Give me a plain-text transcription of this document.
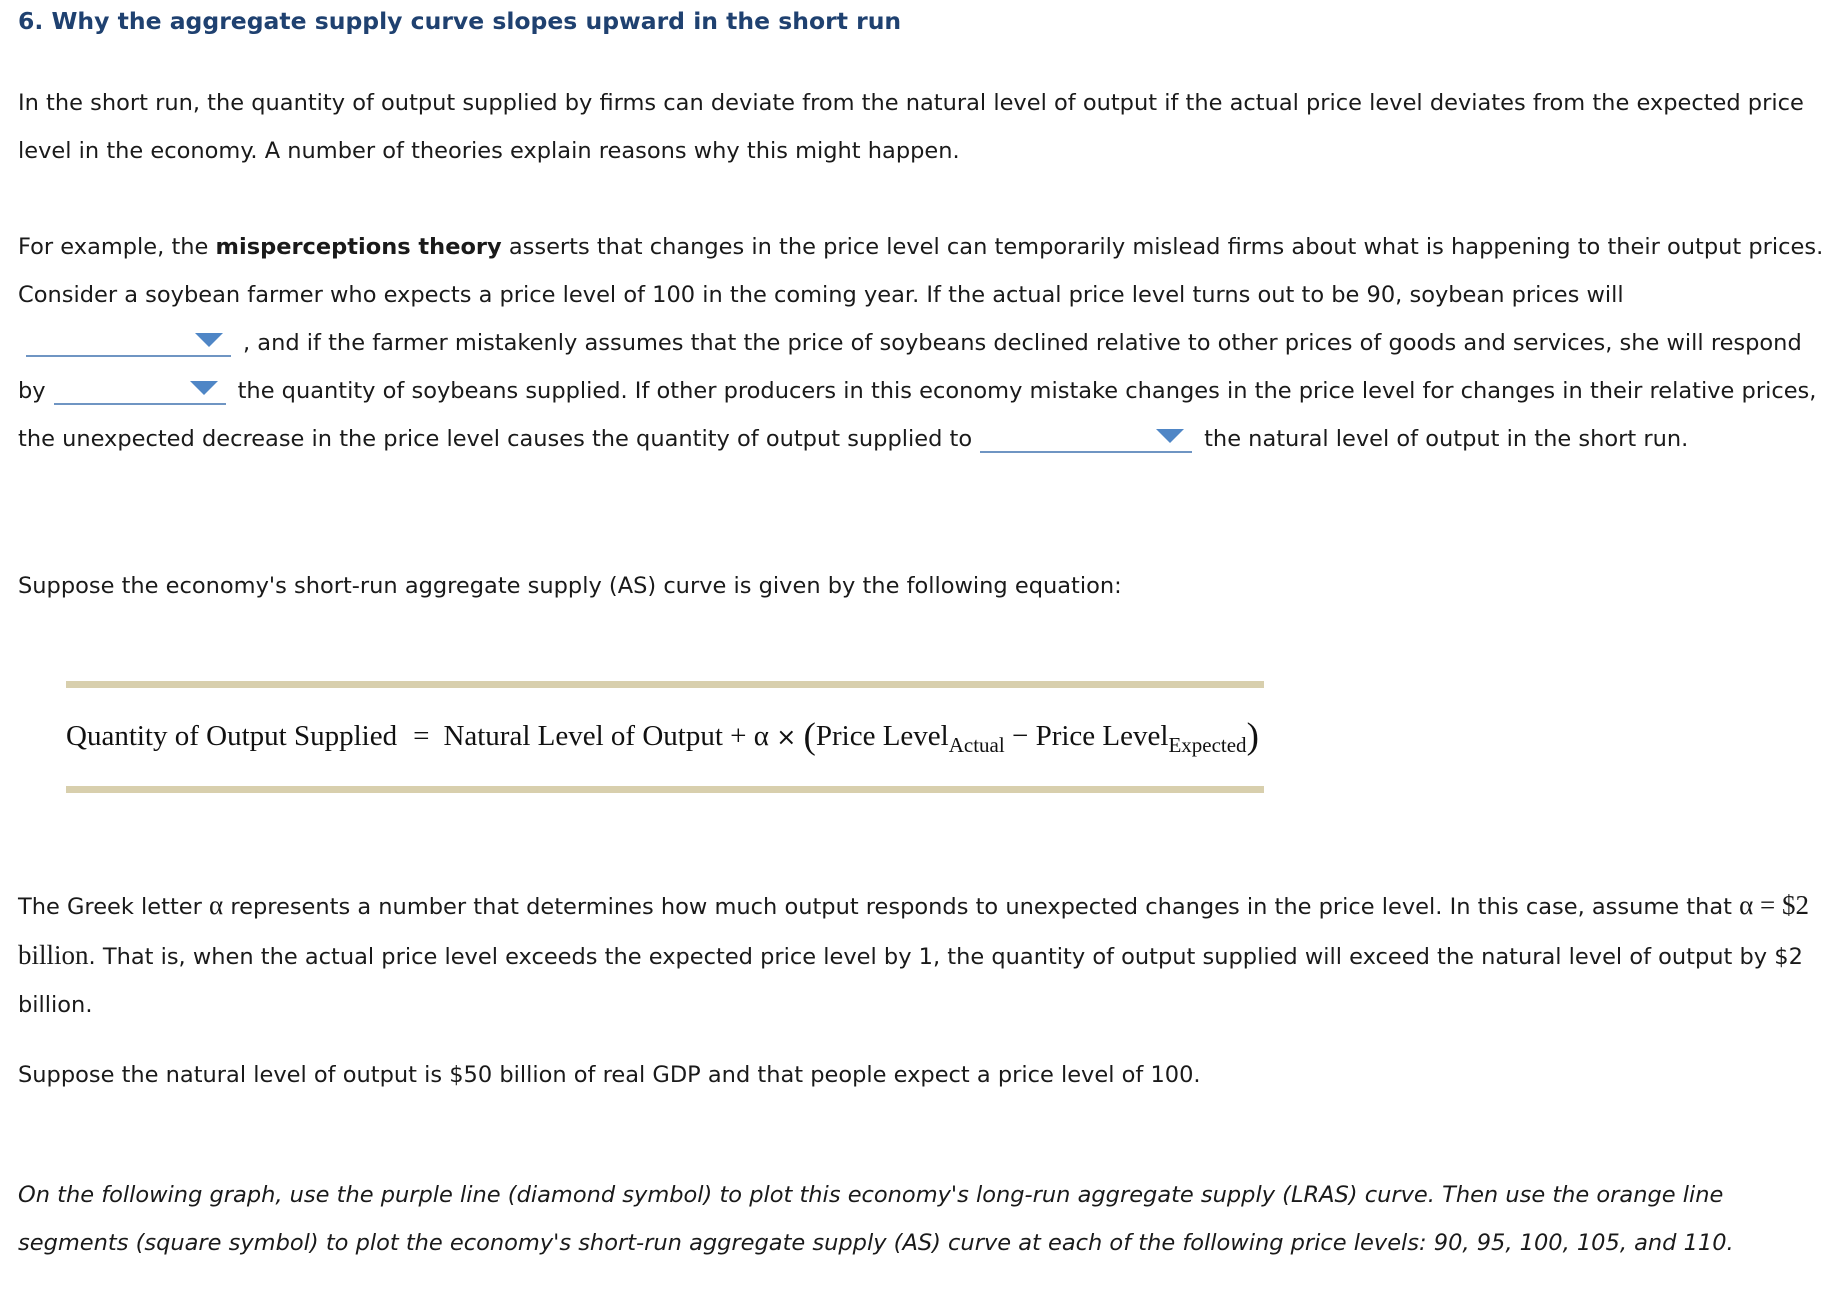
6. Why the aggregate supply curve slopes upward in the short run

In the short run, the quantity of output supplied by firms can deviate from the natural level of output if the actual price level deviates from the expected price level in the economy. A number of theories explain reasons why this might happen.

For example, the misperceptions theory asserts that changes in the price level can temporarily mislead firms about what is happening to their output prices. Consider a soybean farmer who expects a price level of 100 in the coming year. If the actual price level turns out to be 90, soybean prices will
, and if the farmer mistakenly assumes that the price of soybeans declined relative to other prices of goods and services, she will respond by	the quantity of soybeans supplied. If other producers in this economy mistake changes in the price level for changes in their relative prices, the unexpected decrease in the price level causes the quantity of output supplied to	the natural level of output in the short run.

Suppose the economy's short-run aggregate supply (AS) curve is given by the following equation:

Quantity of Output Supplied = Natural Level of Output + α × (Price Level$_{Actual}$ − Price Level$_{Expected}$)

The Greek letter α represents a number that determines how much output responds to unexpected changes in the price level. In this case, assume that α = $2 billion. That is, when the actual price level exceeds the expected price level by 1, the quantity of output supplied will exceed the natural level of output by $2 billion.

Suppose the natural level of output is $50 billion of real GDP and that people expect a price level of 100.

On the following graph, use the purple line (diamond symbol) to plot this economy's long-run aggregate supply (LRAS) curve. Then use the orange line segments (square symbol) to plot the economy's short-run aggregate supply (AS) curve at each of the following price levels: 90, 95, 100, 105, and 110.
